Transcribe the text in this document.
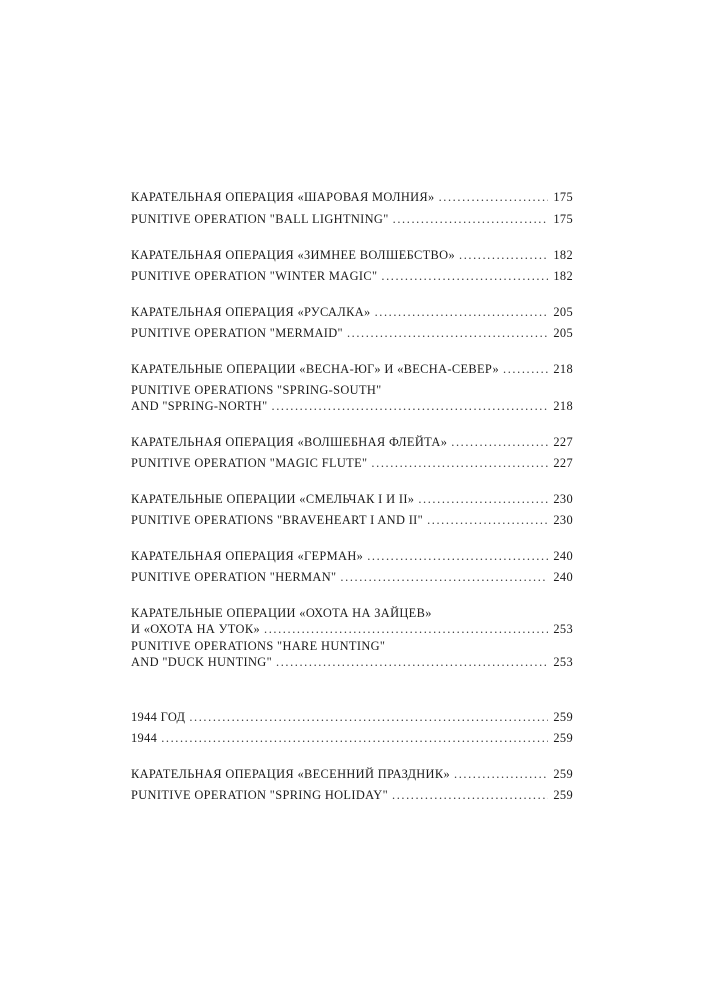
КАРАТЕЛЬНАЯ ОПЕРАЦИЯ «ШАРОВАЯ МОЛНИЯ» .....	175
PUNITIVE OPERATION "BALL LIGHTNING" .....	175
КАРАТЕЛЬНАЯ ОПЕРАЦИЯ «ЗИМНЕЕ ВОЛШЕБСТВО» .....	182
PUNITIVE OPERATION "WINTER MAGIC" .....	182
КАРАТЕЛЬНАЯ ОПЕРАЦИЯ «РУСАЛКА» .....	205
PUNITIVE OPERATION "MERMAID" .....	205
КАРАТЕЛЬНЫЕ ОПЕРАЦИИ «ВЕСНА-ЮГ» И «ВЕСНА-СЕВЕР» .....	218
PUNITIVE OPERATIONS "SPRING-SOUTH"
AND "SPRING-NORTH" .....	218
КАРАТЕЛЬНАЯ ОПЕРАЦИЯ «ВОЛШЕБНАЯ ФЛЕЙТА» .....	227
PUNITIVE OPERATION "MAGIC FLUTE" .....	227
КАРАТЕЛЬНЫЕ ОПЕРАЦИИ «СМЕЛЬЧАК I И II» .....	230
PUNITIVE OPERATIONS "BRAVEHEART I AND II" .....	230
КАРАТЕЛЬНАЯ ОПЕРАЦИЯ «ГЕРМАН» .....	240
PUNITIVE OPERATION "HERMAN" .....	240
КАРАТЕЛЬНЫЕ ОПЕРАЦИИ «ОХОТА НА ЗАЙЦЕВ»
И «ОХОТА НА УТОК» .....	253
PUNITIVE OPERATIONS "HARE HUNTING"
AND "DUCK HUNTING" .....	253
1944 ГОД .....	259
1944 .....	259
КАРАТЕЛЬНАЯ ОПЕРАЦИЯ «ВЕСЕННИЙ ПРАЗДНИК» .....	259
PUNITIVE OPERATION "SPRING HOLIDAY" .....	259
